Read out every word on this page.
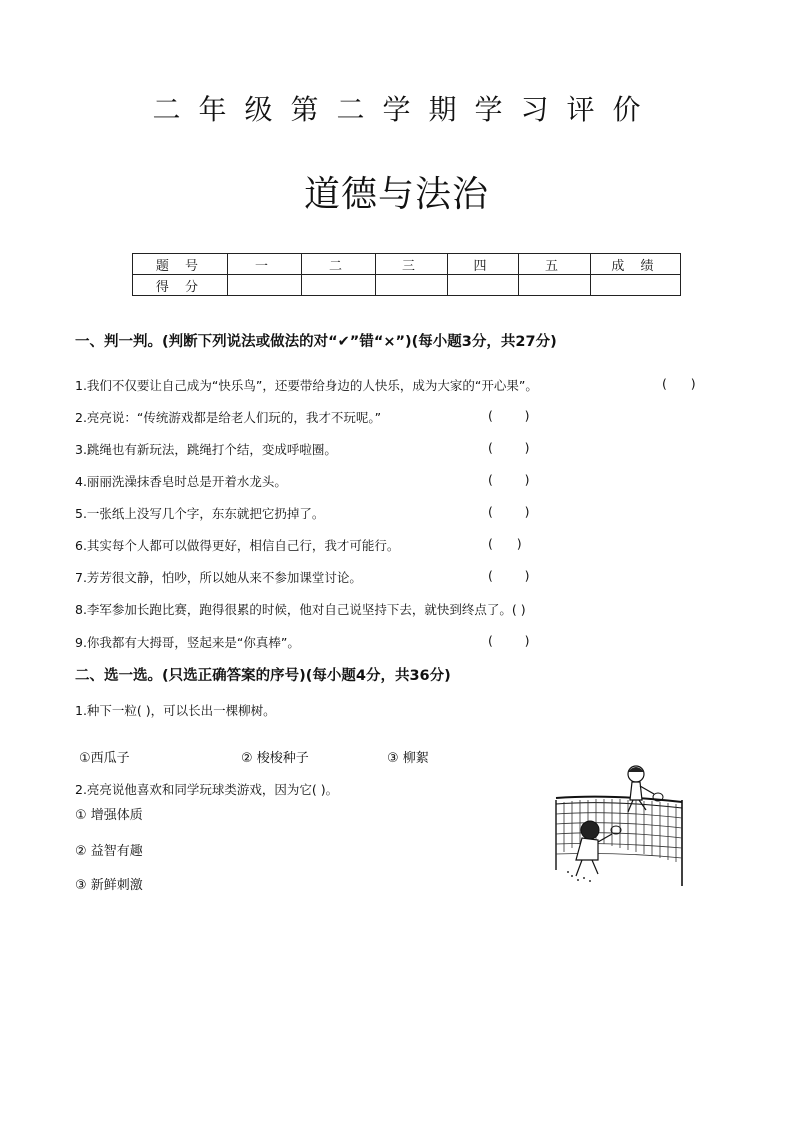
二年级第二学期学习评价
道德与法治
题 号	一	二	三	四	五	成 绩
得 分						
一、判一判。(判断下列说法或做法的对“✔”错“×”)(每小题3分，共27分)
1.我们不仅要让自己成为“快乐鸟”，还要带给身边的人快乐，成为大家的“开心果”。	(      )
2.亮亮说：“传统游戏都是给老人们玩的，我才不玩呢。”	(        )
3.跳绳也有新玩法，跳绳打个结，变成呼啦圈。	(        )
4.丽丽洗澡抹香皂时总是开着水龙头。	(        )
5.一张纸上没写几个字，东东就把它扔掉了。	(        )
6.其实每个人都可以做得更好，相信自己行，我才可能行。	(      )
7.芳芳很文静，怕吵，所以她从来不参加课堂讨论。	(        )
8.李军参加长跑比赛，跑得很累的时候，他对自己说坚持下去，就快到终点了。( )
9.你我都有大拇哥，竖起来是“你真棒”。	(        )
二、选一选。(只选正确答案的序号)(每小题4分，共36分)
1.种下一粒( )，可以长出一棵柳树。
①西瓜子	② 梭梭种子	③ 柳絮
2.亮亮说他喜欢和同学玩球类游戏，因为它( )。
① 增强体质
② 益智有趣
③ 新鲜刺激
